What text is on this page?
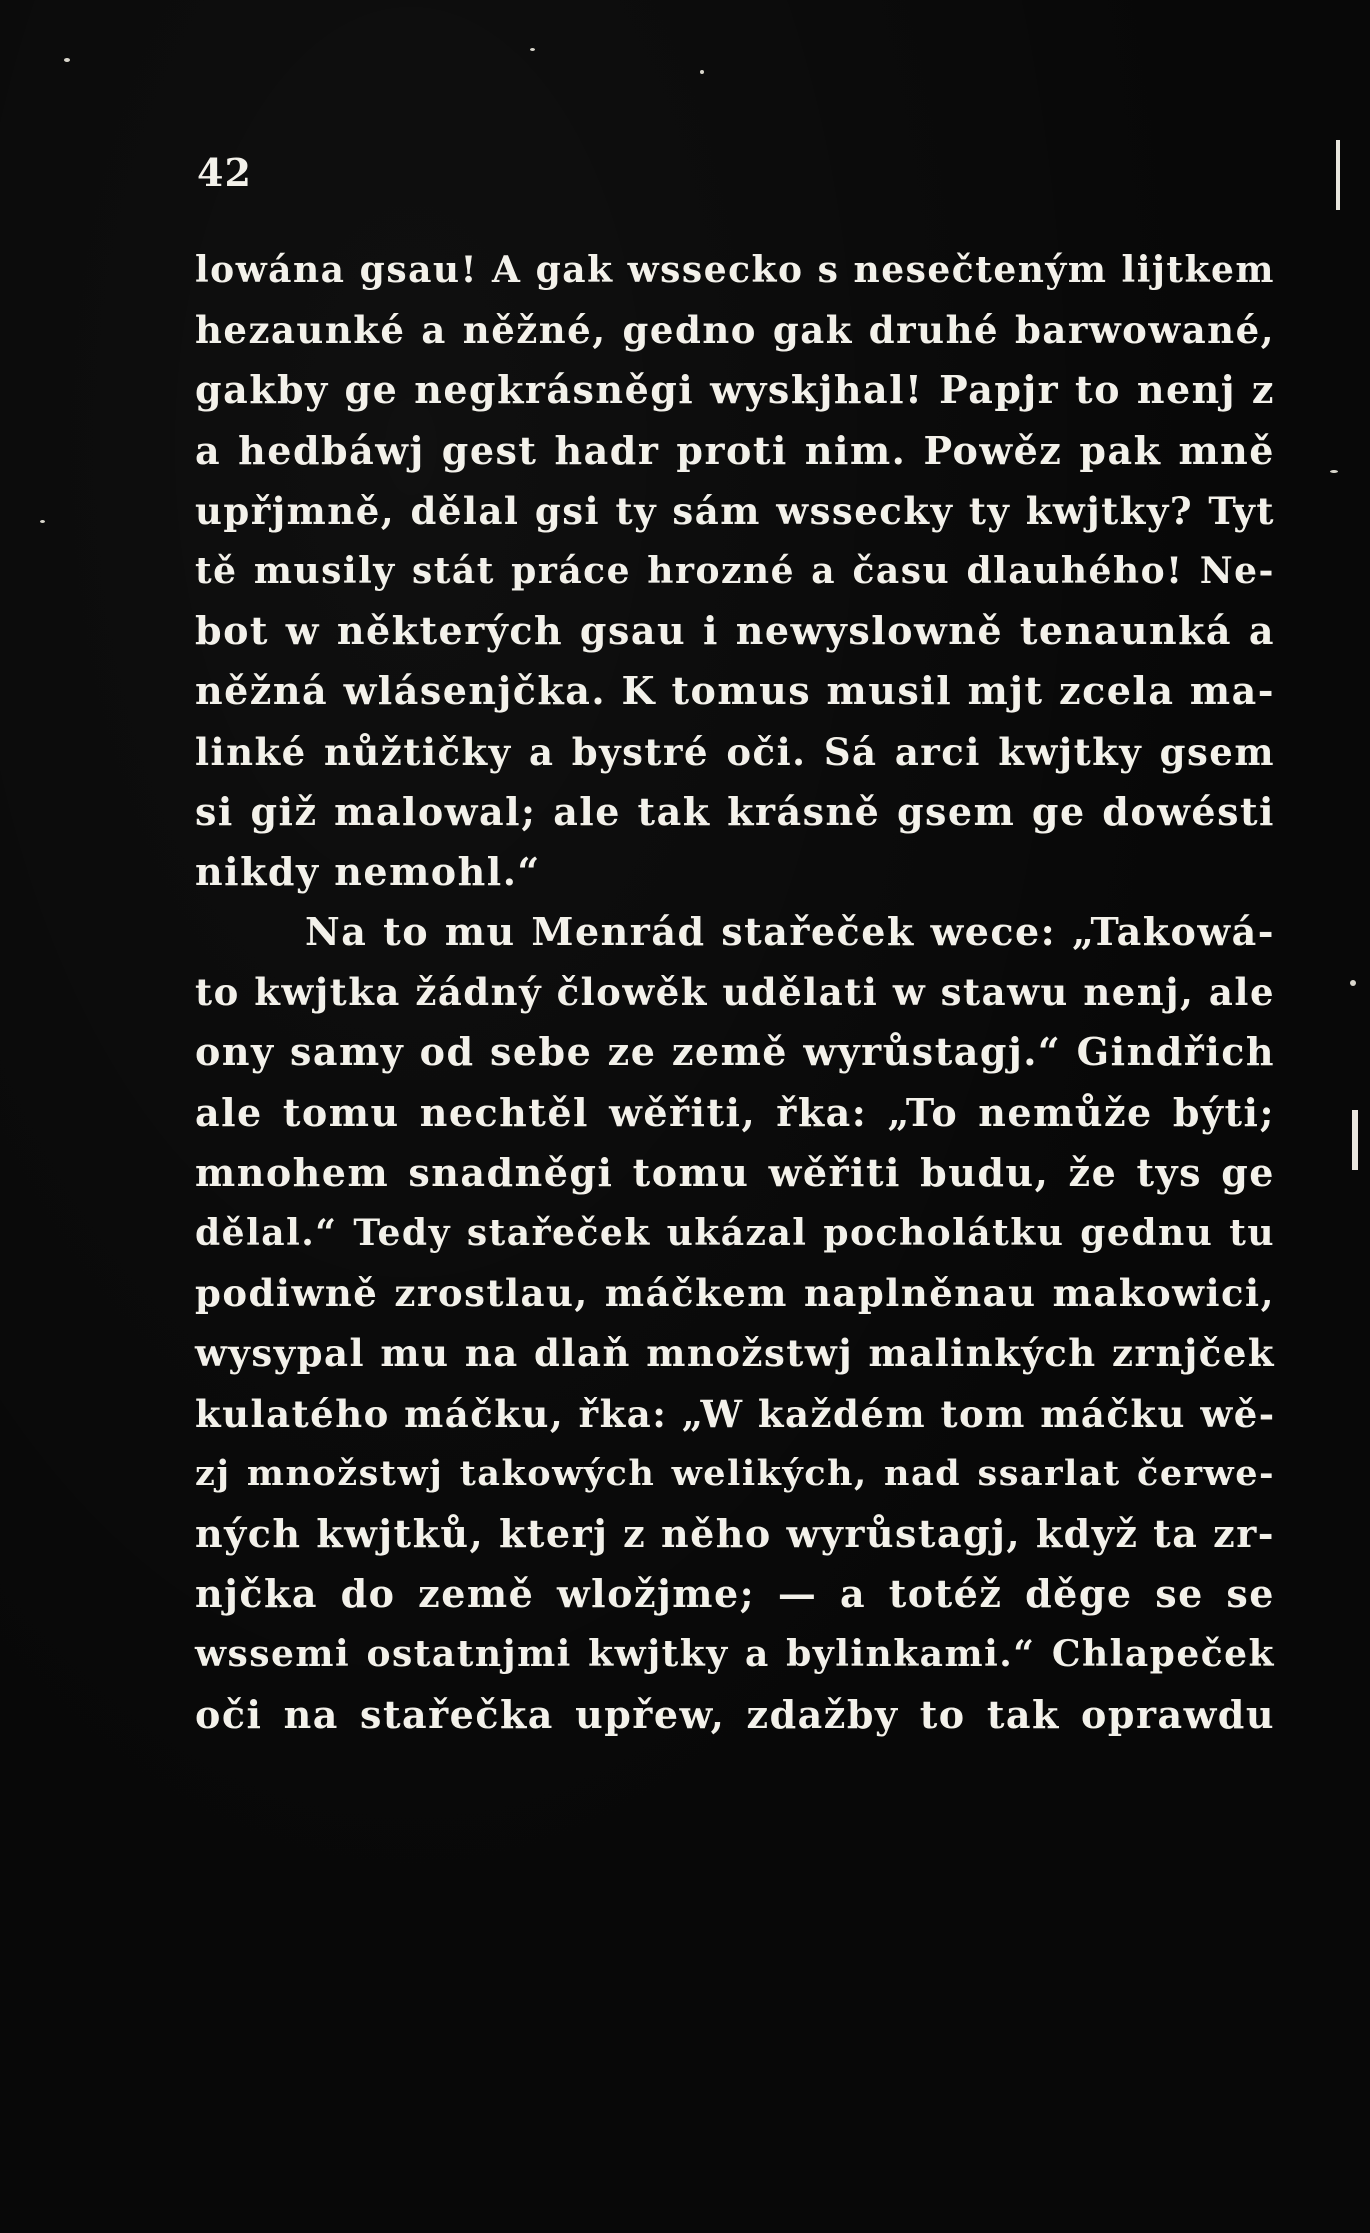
42
lowána gsau! A gak wssecko s nesečteným lijtkem
hezaunké a něžné, gedno gak druhé barwowané,
gakby ge negkrásněgi wyskjhal! Papjr to nenj z
a hedbáwj gest hadr proti nim. Powěz pak mně
upřjmně, dělal gsi ty sám wssecky ty kwjtky? Tyt
tě musily stát práce hrozné a času dlauhého! Ne-
bot w některých gsau i newyslowně tenaunká a
něžná wlásenjčka. K tomus musil mjt zcela ma-
linké nůžtičky a bystré oči. Sá arci kwjtky gsem
si giž malowal; ale tak krásně gsem ge dowésti
nikdy nemohl.“
Na to mu Menrád stařeček wece: „Takowá-
to kwjtka žádný člowěk udělati w stawu nenj, ale
ony samy od sebe ze země wyrůstagj.“ Gindřich
ale tomu nechtěl wěřiti, řka: „To nemůže býti;
mnohem snadněgi tomu wěřiti budu, že tys ge
dělal.“ Tedy stařeček ukázal pocholátku gednu tu
podiwně zrostlau, máčkem naplněnau makowici,
wysypal mu na dlaň množstwj malinkých zrnjček
kulatého máčku, řka: „W každém tom máčku wě-
zj množstwj takowých welikých, nad ssarlat čerwe-
ných kwjtků, kterj z něho wyrůstagj, když ta zr-
njčka do země wložjme; — a totéž děge se se
wssemi ostatnjmi kwjtky a bylinkami.“ Chlapeček
oči na stařečka upřew, zdažby to tak oprawdu
